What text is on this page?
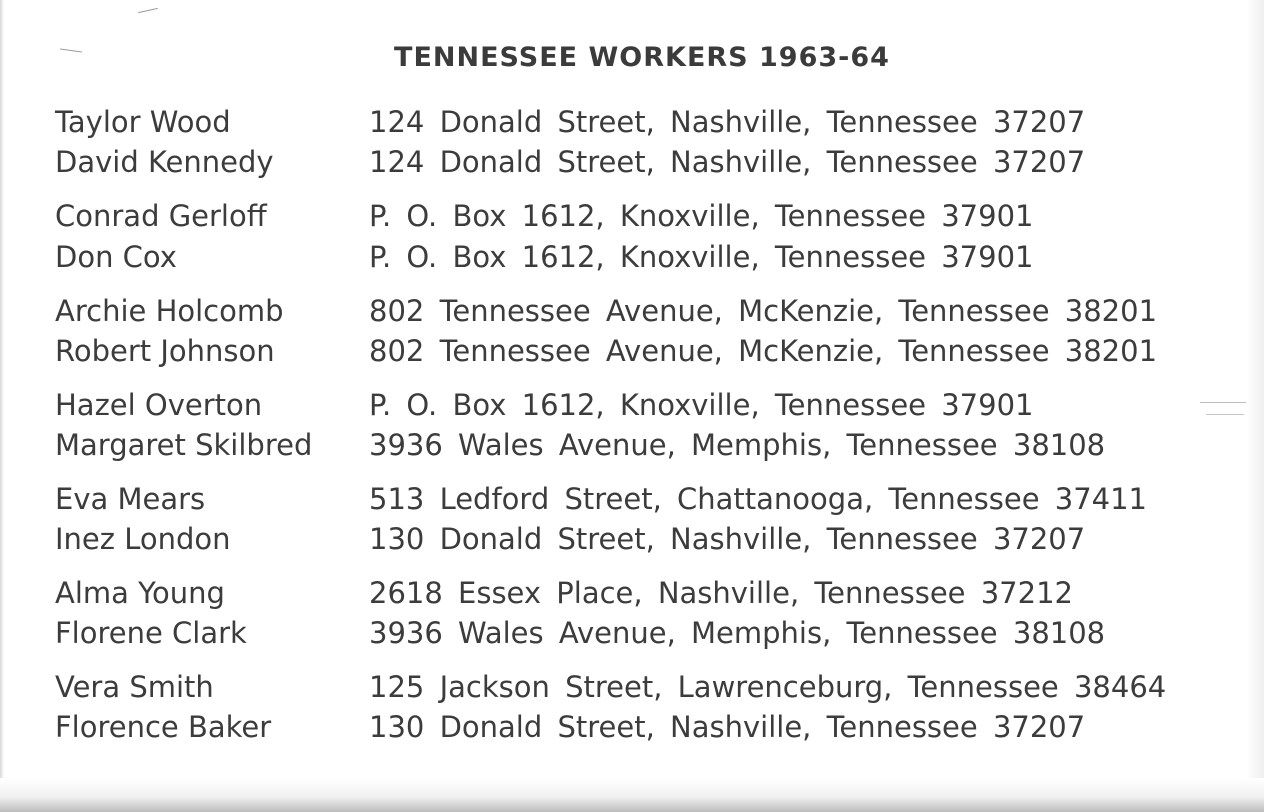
TENNESSEE WORKERS 1963-64
Taylor Wood	124 Donald Street, Nashville, Tennessee 37207
David Kennedy	124 Donald Street, Nashville, Tennessee 37207
Conrad Gerloff	P. O. Box 1612, Knoxville, Tennessee 37901
Don Cox	P. O. Box 1612, Knoxville, Tennessee 37901
Archie Holcomb	802 Tennessee Avenue, McKenzie, Tennessee 38201
Robert Johnson	802 Tennessee Avenue, McKenzie, Tennessee 38201
Hazel Overton	P. O. Box 1612, Knoxville, Tennessee 37901
Margaret Skilbred 3936 Wales Avenue, Memphis, Tennessee 38108
Eva Mears	513 Ledford Street, Chattanooga, Tennessee 37411
Inez London	130 Donald Street, Nashville, Tennessee 37207
Alma Young	2618 Essex Place, Nashville, Tennessee 37212
Florene Clark	3936 Wales Avenue, Memphis, Tennessee 38108
Vera Smith	125 Jackson Street, Lawrenceburg, Tennessee 38464
Florence Baker	130 Donald Street, Nashville, Tennessee 37207
